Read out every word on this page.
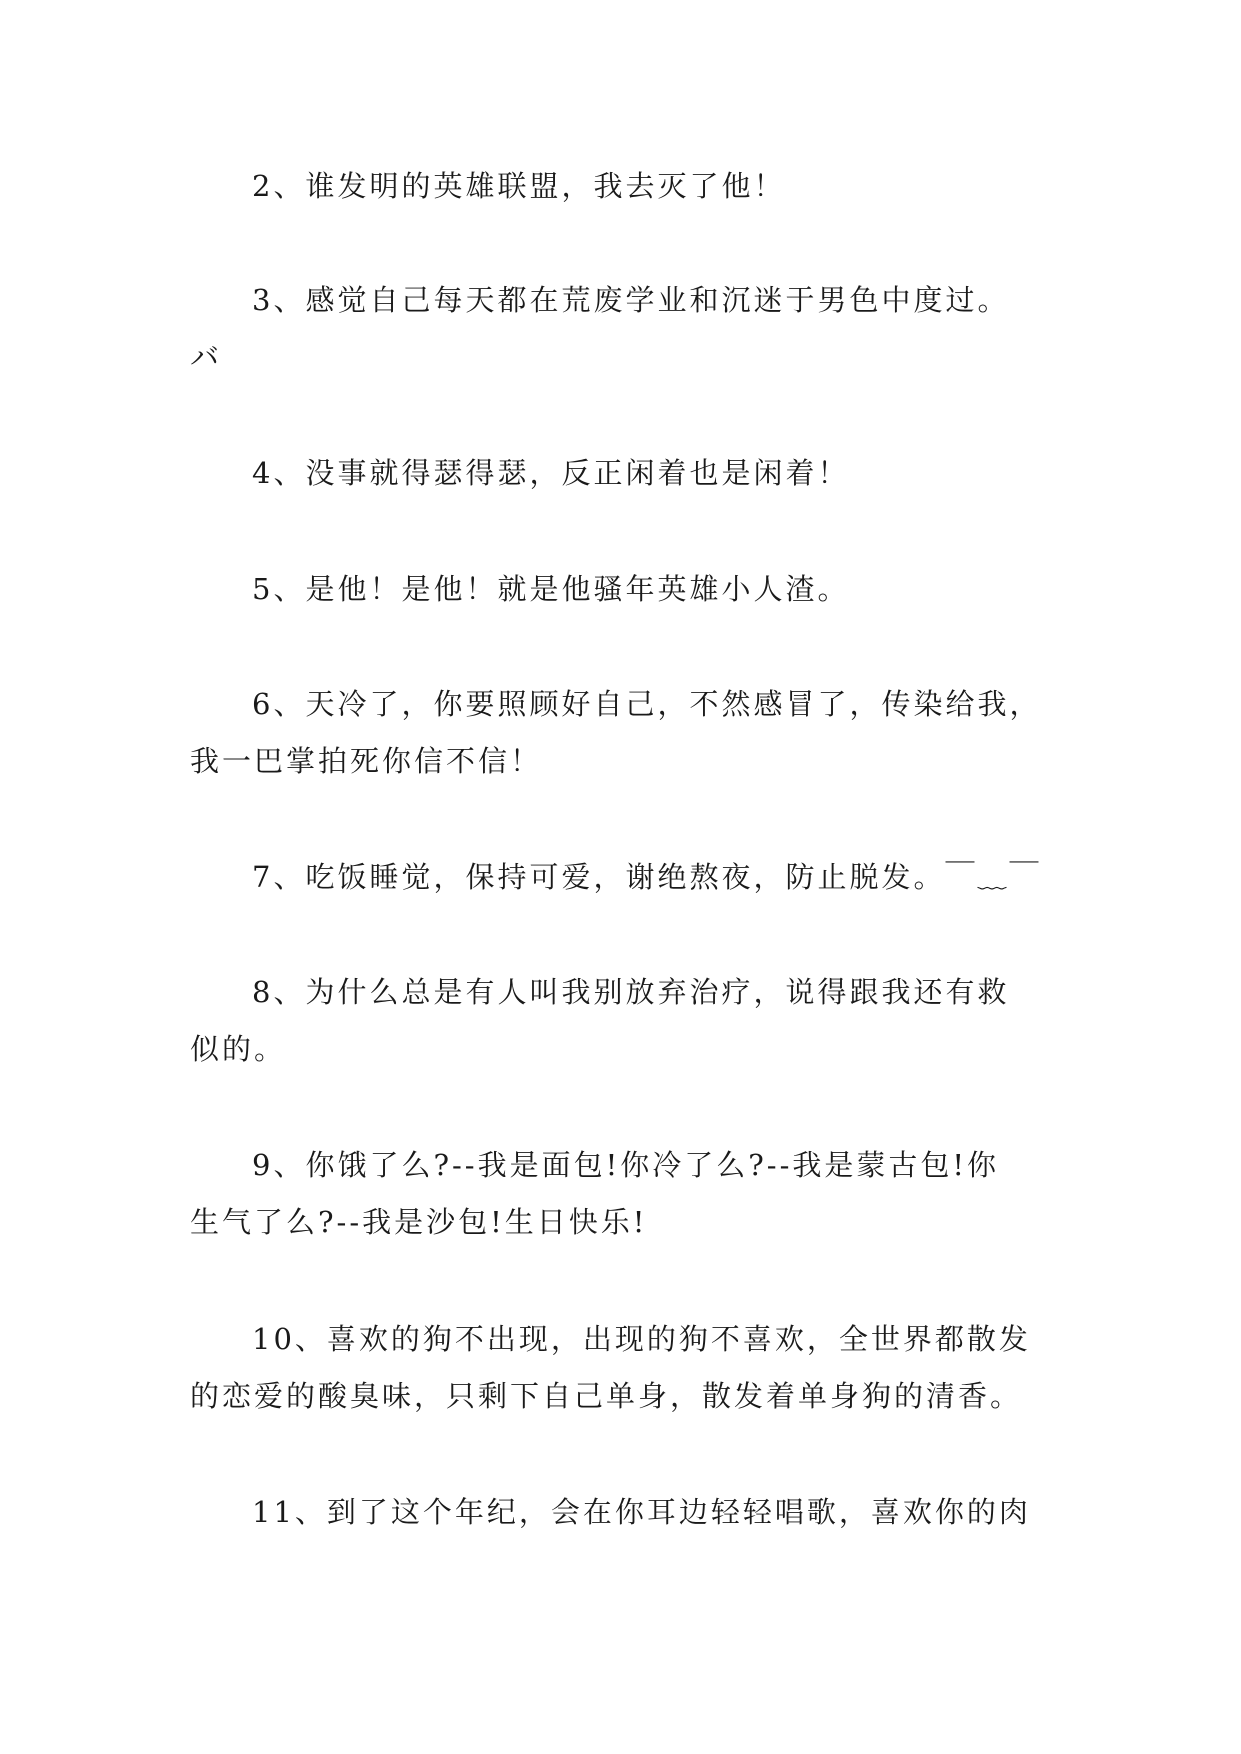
2、谁发明的英雄联盟，我去灭了他！

3、感觉自己每天都在荒废学业和沉迷于男色中度过。
バ

4、没事就得瑟得瑟，反正闲着也是闲着！

5、是他！是他！就是他骚年英雄小人渣。

6、天冷了，你要照顾好自己，不然感冒了，传染给我，
我一巴掌拍死你信不信！

7、吃饭睡觉，保持可爱，谢绝熬夜，防止脱发。￣﹏￣

8、为什么总是有人叫我别放弃治疗，说得跟我还有救
似的。

9、你饿了么?--我是面包!你冷了么?--我是蒙古包!你
生气了么?--我是沙包!生日快乐!

10、喜欢的狗不出现，出现的狗不喜欢，全世界都散发
的恋爱的酸臭味，只剩下自己单身，散发着单身狗的清香。

11、到了这个年纪，会在你耳边轻轻唱歌，喜欢你的肉
